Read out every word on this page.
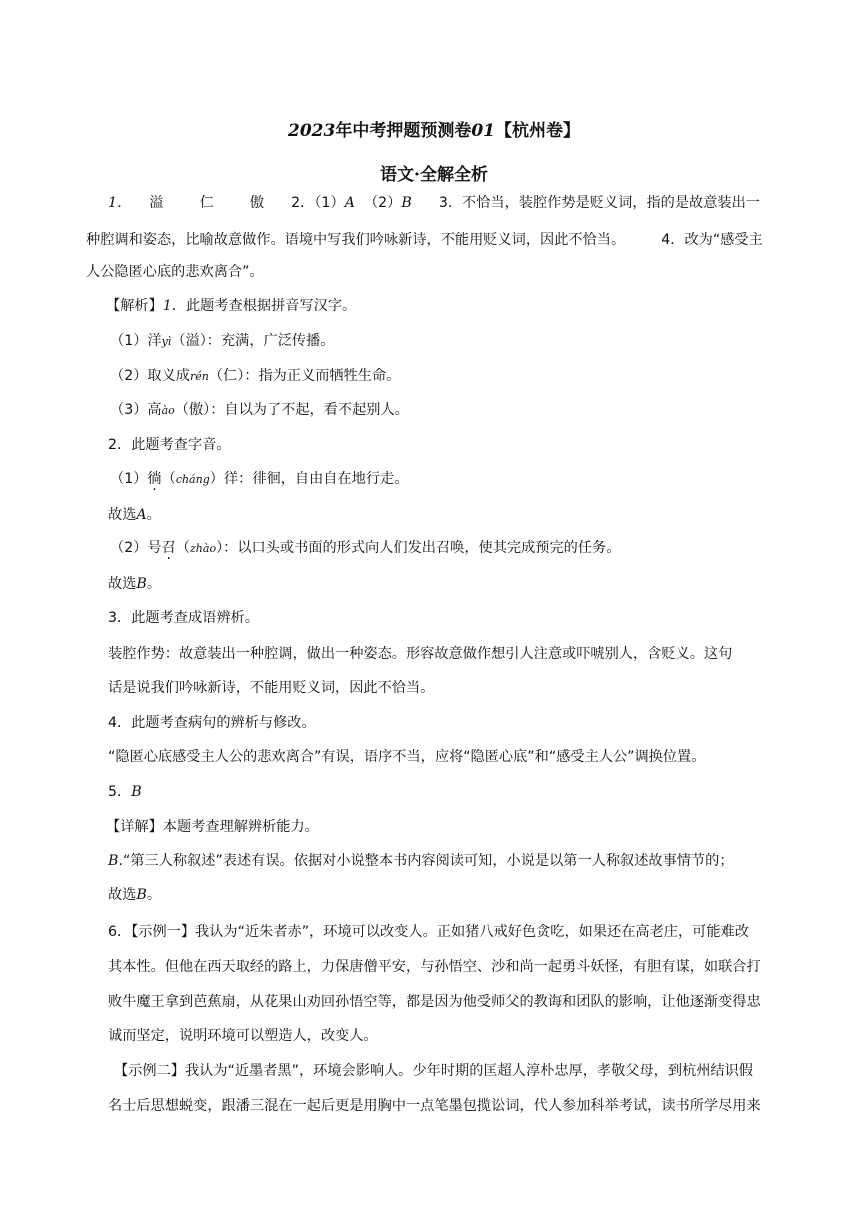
2023年中考押题预测卷01【杭州卷】
语文·全解全析
1． 溢	仁	傲 2．（1）A （2）B 3．不恰当，装腔作势是贬义词，指的是故意装出一
种腔调和姿态，比喻故意做作。语境中写我们吟咏新诗，不能用贬义词，因此不恰当。	4．改为“感受主
人公隐匿心底的悲欢离合”。
【解析】1．此题考查根据拼音写汉字。
（1）洋yì（溢）：充满，广泛传播。
（2）取义成rén（仁）：指为正义而牺牲生命。
（3）高ào（傲）：自以为了不起，看不起别人。
2．此题考查字音。
（1）徜（cháng）徉：徘徊，自由自在地行走。
故选A。
（2）号召（zhào）：以口头或书面的形式向人们发出召唤，使其完成预完的任务。
故选B。
3．此题考查成语辨析。
装腔作势：故意装出一种腔调，做出一种姿态。形容故意做作想引人注意或吓唬别人，含贬义。这句
话是说我们吟咏新诗，不能用贬义词，因此不恰当。
4．此题考查病句的辨析与修改。
“隐匿心底感受主人公的悲欢离合”有误，语序不当，应将“隐匿心底”和“感受主人公”调换位置。
5．B
【详解】本题考查理解辨析能力。
B.“第三人称叙述”表述有误。依据对小说整本书内容阅读可知，小说是以第一人称叙述故事情节的；
故选B。
6．【示例一】我认为“近朱者赤”，环境可以改变人。正如猪八戒好色贪吃，如果还在高老庄，可能难改
其本性。但他在西天取经的路上，力保唐僧平安，与孙悟空、沙和尚一起勇斗妖怪，有胆有谋，如联合打
败牛魔王拿到芭蕉扇，从花果山劝回孙悟空等，都是因为他受师父的教诲和团队的影响，让他逐渐变得忠
诚而坚定，说明环境可以塑造人，改变人。
【示例二】我认为“近墨者黑”，环境会影响人。少年时期的匡超人淳朴忠厚，孝敬父母，到杭州结识假
名士后思想蜕变，跟潘三混在一起后更是用胸中一点笔墨包揽讼词，代人参加科举考试，读书所学尽用来
